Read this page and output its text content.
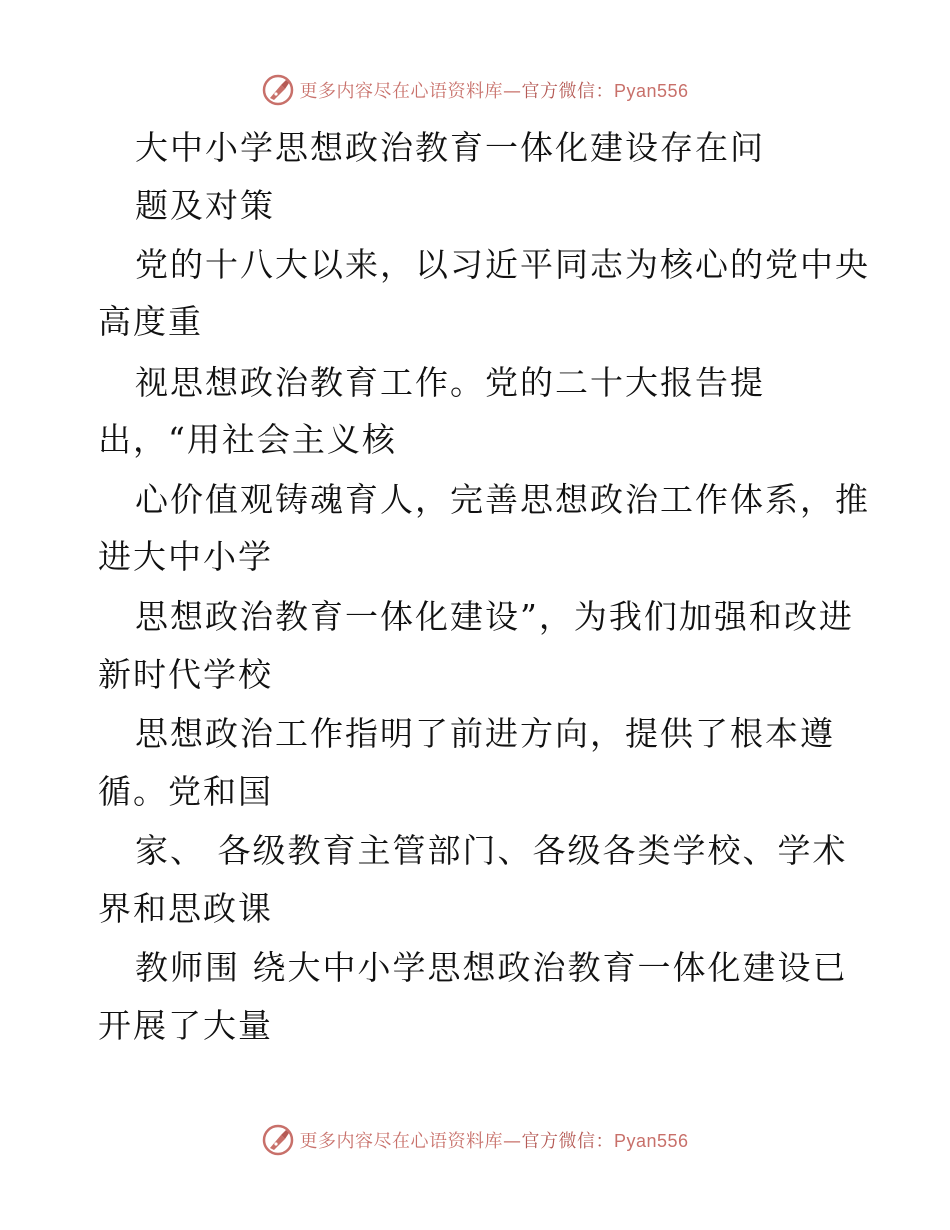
更多内容尽在心语资料库—官方微信：Pyan556
大中小学思想政治教育一体化建设存在问
题及对策
党的十八大以来，以习近平同志为核心的党中央
高度重
视思想政治教育工作。党的二十大报告提
出，“用社会主义核
心价值观铸魂育人，完善思想政治工作体系，推
进大中小学
思想政治教育一体化建设”，为我们加强和改进
新时代学校
思想政治工作指明了前进方向，提供了根本遵
循。党和国
家、 各级教育主管部门、各级各类学校、学术
界和思政课
教师围 绕大中小学思想政治教育一体化建设已
开展了大量
更多内容尽在心语资料库—官方微信：Pyan556
